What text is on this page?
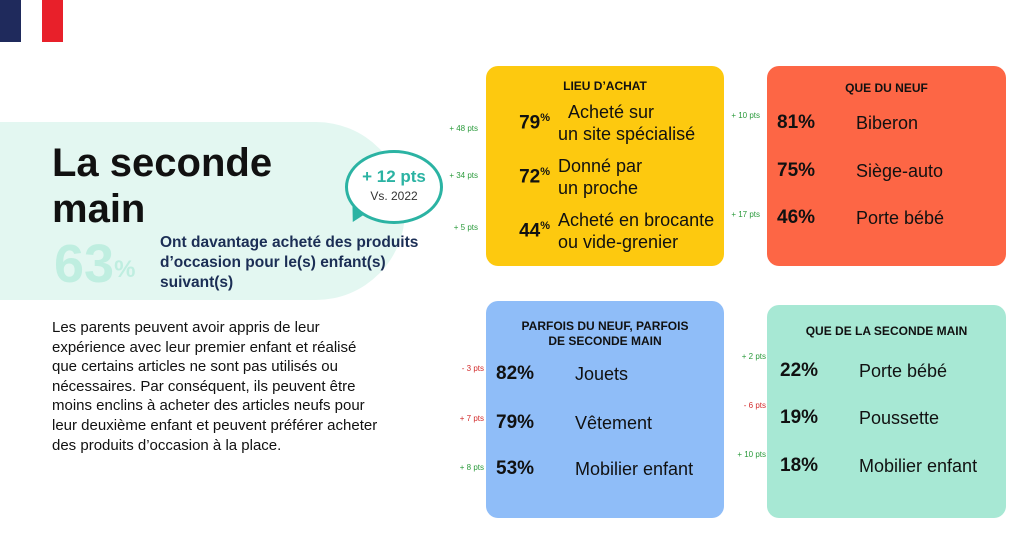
La seconde
main
63%
Ont davantage acheté des produits d’occasion pour le(s) enfant(s) suivant(s)
+ 12 pts
Vs. 2022
Les parents peuvent avoir appris de leur expérience avec leur premier enfant et réalisé que certains articles ne sont pas utilisés ou nécessaires. Par conséquent, ils peuvent être moins enclins à acheter des articles neufs pour leur deuxième enfant et peuvent préférer acheter des produits d’occasion à la place.
LIEU D’ACHAT
79%	Acheté sur
un site spécialisé
72% Donné par
un proche
44% Acheté en brocante
ou vide-grenier
+ 48 pts
+ 34 pts
+ 5 pts
QUE DU NEUF
81%	Biberon
75%	Siège-auto
46%	Porte bébé
+ 10 pts
+ 17 pts
PARFOIS DU NEUF, PARFOIS
DE SECONDE MAIN
82%	Jouets
79%	Vêtement
53%	Mobilier enfant
- 3 pts
+ 7 pts
+ 8 pts
QUE DE LA SECONDE MAIN
22%	Porte bébé
19%	Poussette
18%	Mobilier enfant
+ 2 pts
- 6 pts
+ 10 pts
